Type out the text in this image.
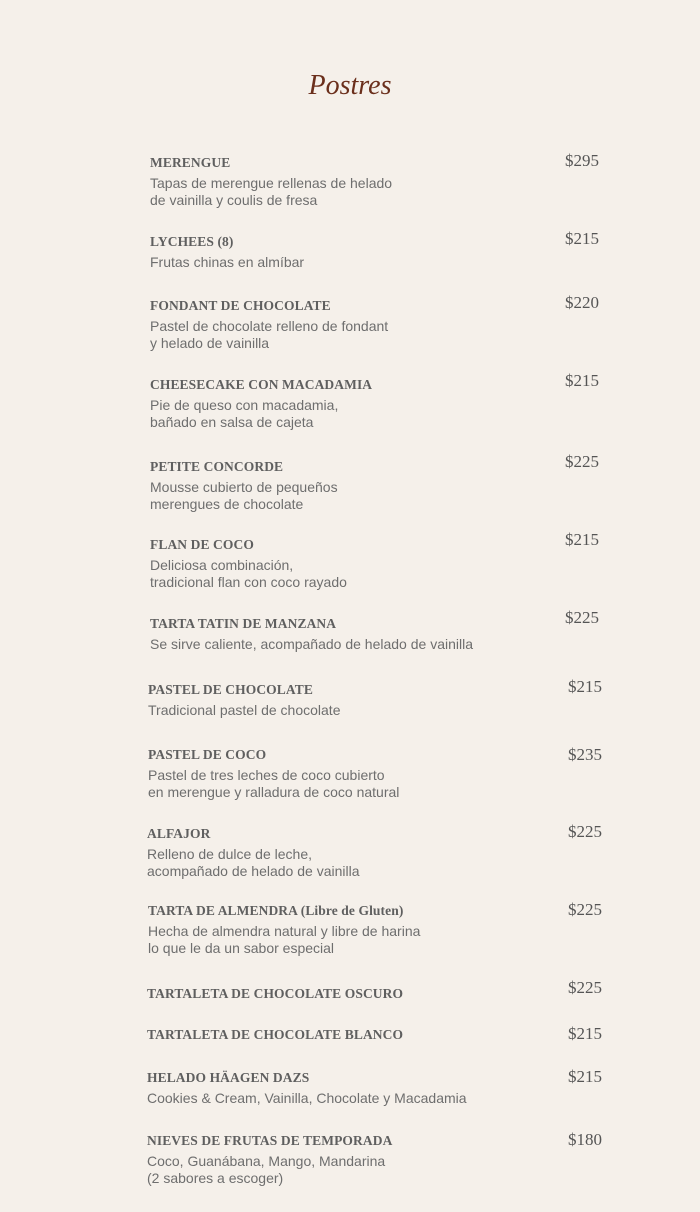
Postres
MERENGUE
Tapas de merengue rellenas de helado
de vainilla y coulis de fresa
$295
LYCHEES (8)
Frutas chinas en almíbar
$215
FONDANT DE CHOCOLATE
Pastel de chocolate relleno de fondant
y helado de vainilla
$220
CHEESECAKE CON MACADAMIA
Pie de queso con macadamia,
bañado en salsa de cajeta
$215
PETITE CONCORDE
Mousse cubierto de pequeños
merengues de chocolate
$225
FLAN DE COCO
Deliciosa combinación,
tradicional flan con coco rayado
$215
TARTA TATIN DE MANZANA
Se sirve caliente, acompañado de helado de vainilla
$225
PASTEL DE CHOCOLATE
Tradicional pastel de chocolate
$215
PASTEL DE COCO
Pastel de tres leches de coco cubierto
en merengue y ralladura de coco natural
$235
ALFAJOR
Relleno de dulce de leche,
acompañado de helado de vainilla
$225
TARTA DE ALMENDRA (Libre de Gluten)
Hecha de almendra natural y libre de harina
lo que le da un sabor especial
$225
TARTALETA DE CHOCOLATE OSCURO	$225
TARTALETA DE CHOCOLATE BLANCO	$215
HELADO HÄAGEN DAZS
Cookies & Cream, Vainilla, Chocolate y Macadamia
$215
NIEVES DE FRUTAS DE TEMPORADA
Coco, Guanábana, Mango, Mandarina
(2 sabores a escoger)
$180
